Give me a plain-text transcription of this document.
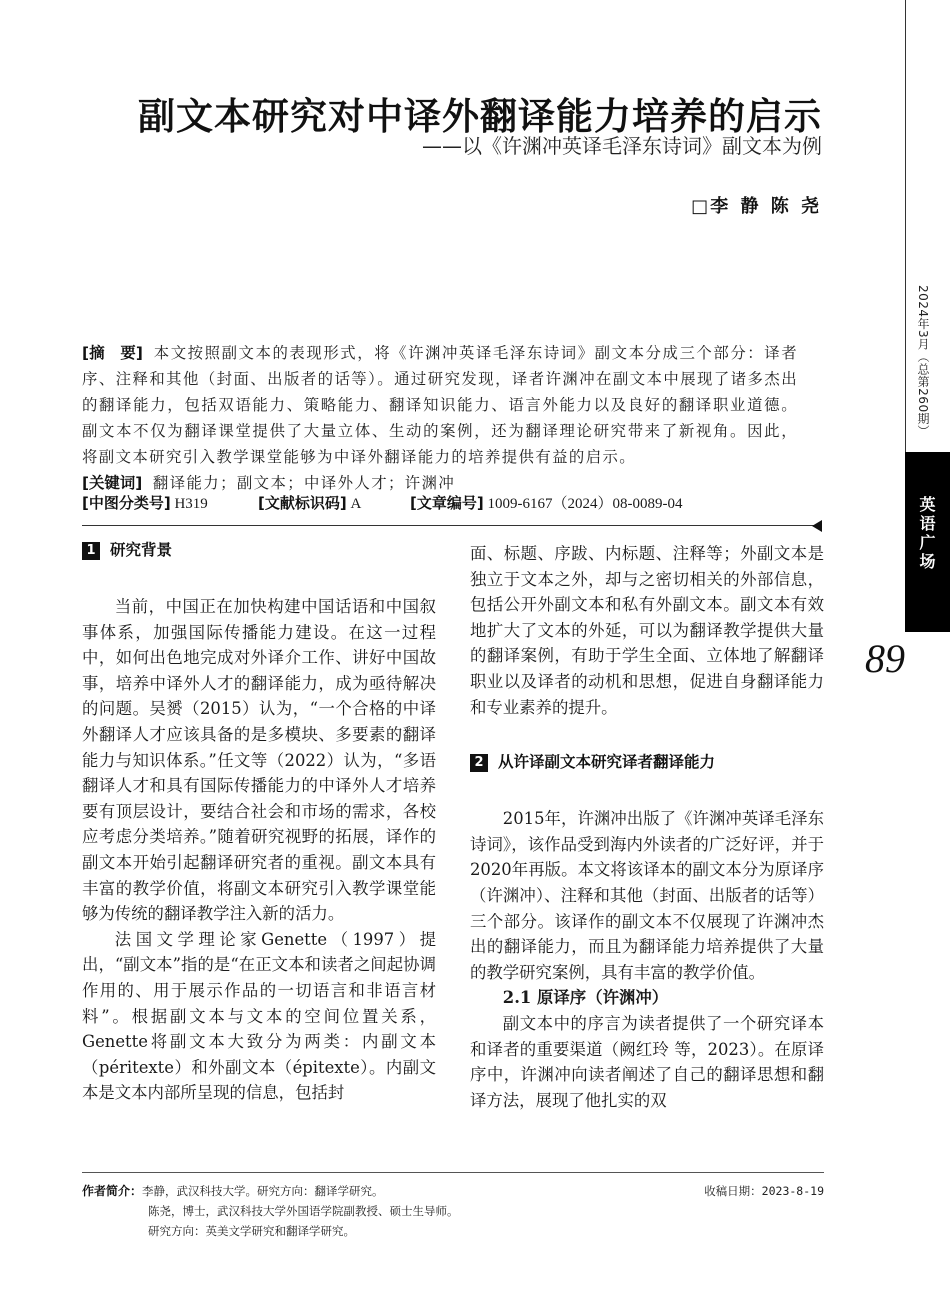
副文本研究对中译外翻译能力培养的启示

——以《许渊冲英译毛泽东诗词》副文本为例

□ 李 静 陈 尧
2024年3月（总第260期）
英语广场
89

[摘　要] 本文按照副文本的表现形式，将《许渊冲英译毛泽东诗词》副文本分成三个部分：译者序、注释和其他（封面、出版者的话等）。通过研究发现，译者许渊冲在副文本中展现了诸多杰出的翻译能力，包括双语能力、策略能力、翻译知识能力、语言外能力以及良好的翻译职业道德。副文本不仅为翻译课堂提供了大量立体、生动的案例，还为翻译理论研究带来了新视角。因此，将副文本研究引入教学课堂能够为中译外翻译能力的培养提供有益的启示。

[关键词] 翻译能力；副文本；中译外人才；许渊冲

[中图分类号] H319	[文献标识码] A	[文章编号] 1009-6167（2024）08-0089-04
1 研究背景

当前，中国正在加快构建中国话语和中国叙事体系，加强国际传播能力建设。在这一过程中，如何出色地完成对外译介工作、讲好中国故事，培养中译外人才的翻译能力，成为亟待解决的问题。吴赟（2015）认为，“一个合格的中译外翻译人才应该具备的是多模块、多要素的翻译能力与知识体系。”任文等（2022）认为，“多语翻译人才和具有国际传播能力的中译外人才培养要有顶层设计，要结合社会和市场的需求，各校应考虑分类培养。”随着研究视野的拓展，译作的副文本开始引起翻译研究者的重视。副文本具有丰富的教学价值，将副文本研究引入教学课堂能够为传统的翻译教学注入新的活力。

法国文学理论家Genette（1997）提出，“副文本”指的是“在正文本和读者之间起协调作用的、用于展示作品的一切语言和非语言材料”。根据副文本与文本的空间位置关系，Genette将副文本大致分为两类：内副文本（péritexte）和外副文本（épitexte）。内副文本是文本内部所呈现的信息，包括封

面、标题、序跋、内标题、注释等；外副文本是独立于文本之外，却与之密切相关的外部信息，包括公开外副文本和私有外副文本。副文本有效地扩大了文本的外延，可以为翻译教学提供大量的翻译案例，有助于学生全面、立体地了解翻译职业以及译者的动机和思想，促进自身翻译能力和专业素养的提升。

2 从许译副文本研究译者翻译能力

2015年，许渊冲出版了《许渊冲英译毛泽东诗词》，该作品受到海内外读者的广泛好评，并于2020年再版。本文将该译本的副文本分为原译序（许渊冲）、注释和其他（封面、出版者的话等）三个部分。该译作的副文本不仅展现了许渊冲杰出的翻译能力，而且为翻译能力培养提供了大量的教学研究案例，具有丰富的教学价值。

2.1 原译序（许渊冲）

副文本中的序言为读者提供了一个研究译本和译者的重要渠道（阙红玲 等，2023）。在原译序中，许渊冲向读者阐述了自己的翻译思想和翻译方法，展现了他扎实的双

作者简介：李静，武汉科技大学。研究方向：翻译学研究。
陈尧，博士，武汉科技大学外国语学院副教授、硕士生导师。
研究方向：英美文学研究和翻译学研究。
收稿日期：2023-8-19
